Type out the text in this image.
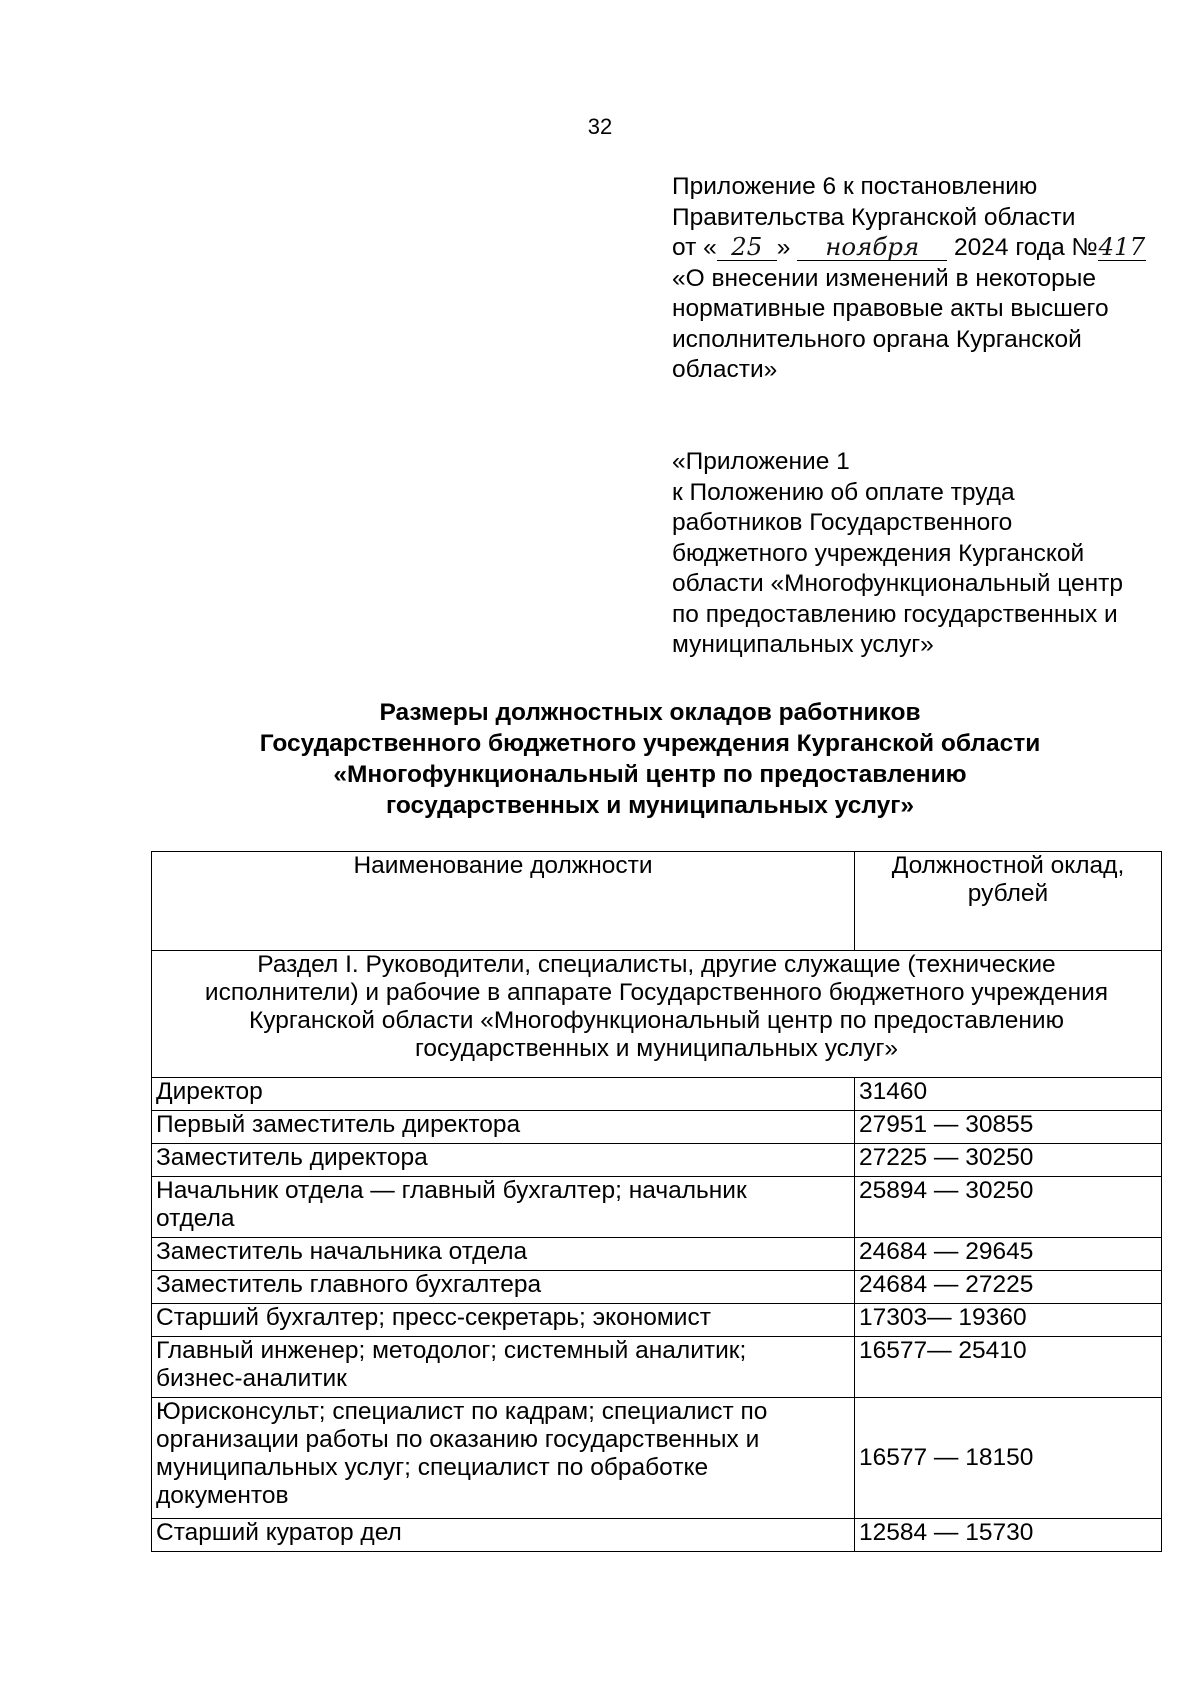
32

Приложение 6 к постановлению

Правительства Курганской области

от « 25 » ноября 2024 года №417

«О внесении изменений в некоторые

нормативные правовые акты высшего

исполнительного органа Курганской

области»

«Приложение 1

к Положению об оплате труда

работников Государственного

бюджетного учреждения Курганской

области «Многофункциональный центр

по предоставлению государственных и

муниципальных услуг»

Размеры должностных окладов работников

Государственного бюджетного учреждения Курганской области

«Многофункциональный центр по предоставлению

государственных и муниципальных услуг»

Наименование должности	Должностной оклад,
рублей
Раздел I. Руководители, специалисты, другие служащие (технические
исполнители) и рабочие в аппарате Государственного бюджетного учреждения
Курганской области «Многофункциональный центр по предоставлению
государственных и муниципальных услуг»	
Директор	31460
Первый заместитель директора	27951 — 30855
Заместитель директора	27225 — 30250
Начальник отдела — главный бухгалтер; начальник
отдела	25894 — 30250
Заместитель начальника отдела	24684 — 29645
Заместитель главного бухгалтера	24684 — 27225
Старший бухгалтер; пресс-секретарь; экономист	17303— 19360
Главный инженер; методолог; системный аналитик;
бизнес-аналитик	16577— 25410
Юрисконсульт; специалист по кадрам; специалист по
организации работы по оказанию государственных и
муниципальных услуг; специалист по обработке
документов	16577 — 18150
Старший куратор дел	12584 — 15730
